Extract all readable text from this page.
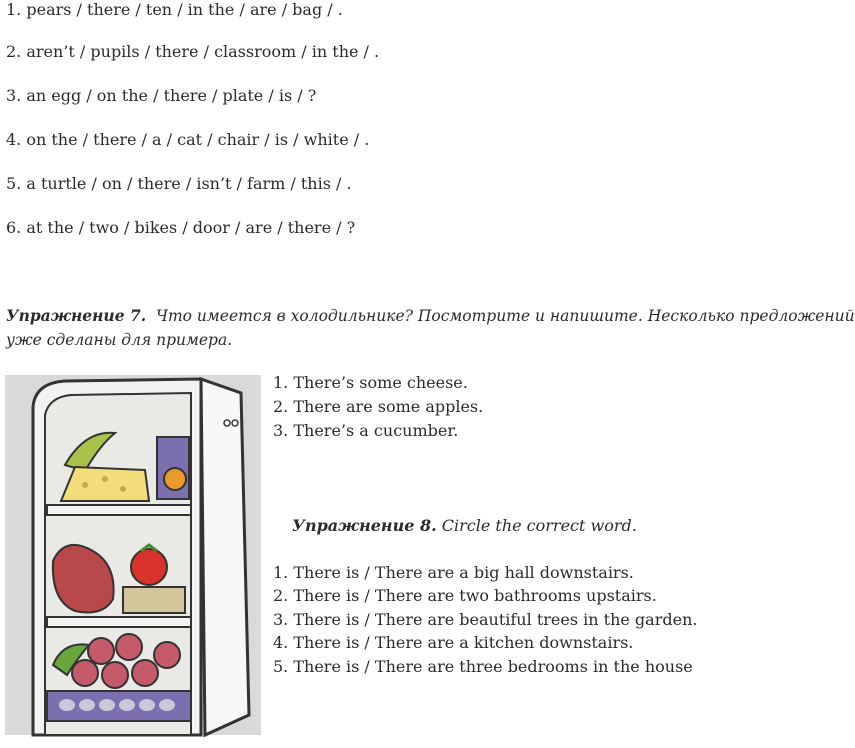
1. pears / there / ten / in the / are / bag / .
2. aren’t / pupils / there / classroom / in the / .
3. an egg / on the / there / plate / is / ?
4. on the / there / a / cat / chair / is / white / .
5. a turtle / on / there / isn’t / farm / this / .
6. at the / two / bikes / door / are / there / ?
Упражнение 7. Что имеется в холодильнике? Посмотрите и напишите. Несколько предложений
уже сделаны для примера.
1. There’s some cheese.
2. There are some apples.
3. There’s a cucumber.
Упражнение 8. Circle the correct word.
1. There is / There are a big hall downstairs.
2. There is / There are two bathrooms upstairs.
3. There is / There are beautiful trees in the garden.
4. There is / There are a kitchen downstairs.
5. There is / There are three bedrooms in the house
